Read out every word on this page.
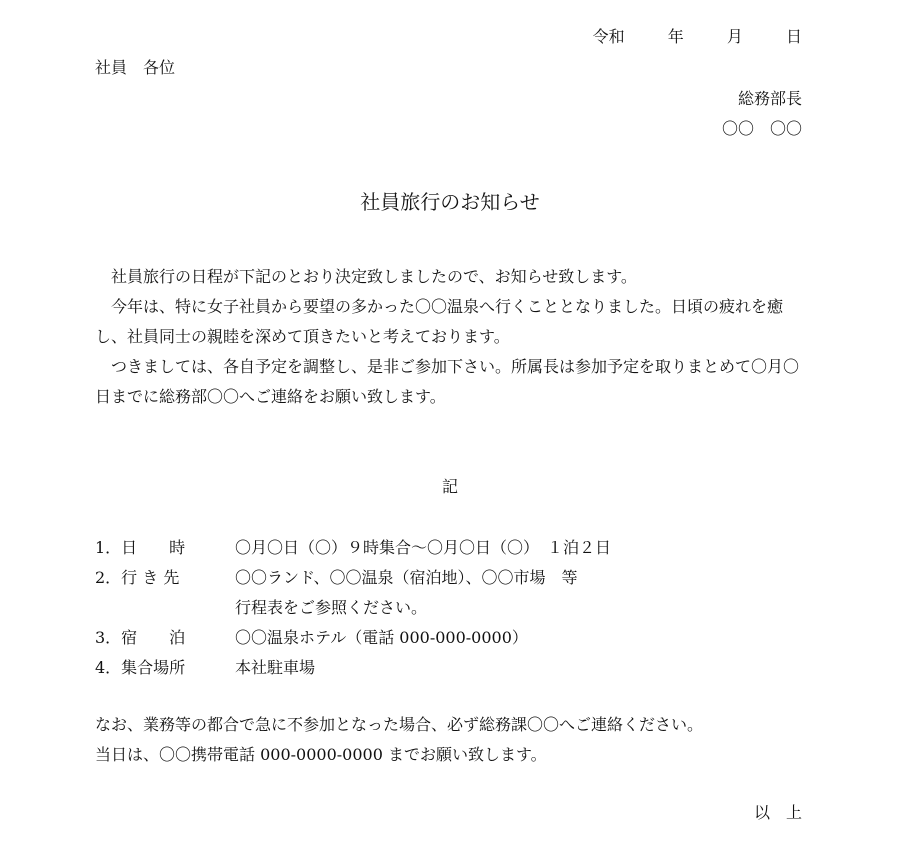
令和	年	月	日
社員　各位
総務部長
〇〇　〇〇
社員旅行のお知らせ

　社員旅行の日程が下記のとおり決定致しましたので、お知らせ致します。

　今年は、特に女子社員から要望の多かった〇〇温泉へ行くこととなりました。日頃の疲れを癒し、社員同士の親睦を深めて頂きたいと考えております。

　つきましては、各自予定を調整し、是非ご参加下さい。所属長は参加予定を取りまとめて〇月〇日までに総務部〇〇へご連絡をお願い致します。

記
1．日　　時	〇月〇日（〇）９時集合～〇月〇日（〇）　１泊２日
2．行 き 先	〇〇ランド、〇〇温泉（宿泊地）、〇〇市場　等
行程表をご参照ください。
3．宿　　泊	〇〇温泉ホテル（電話 000-000-0000）
4．集合場所	本社駐車場
なお、業務等の都合で急に不参加となった場合、必ず総務課〇〇へご連絡ください。
当日は、〇〇携帯電話 000-0000-0000 までお願い致します。
以　上
